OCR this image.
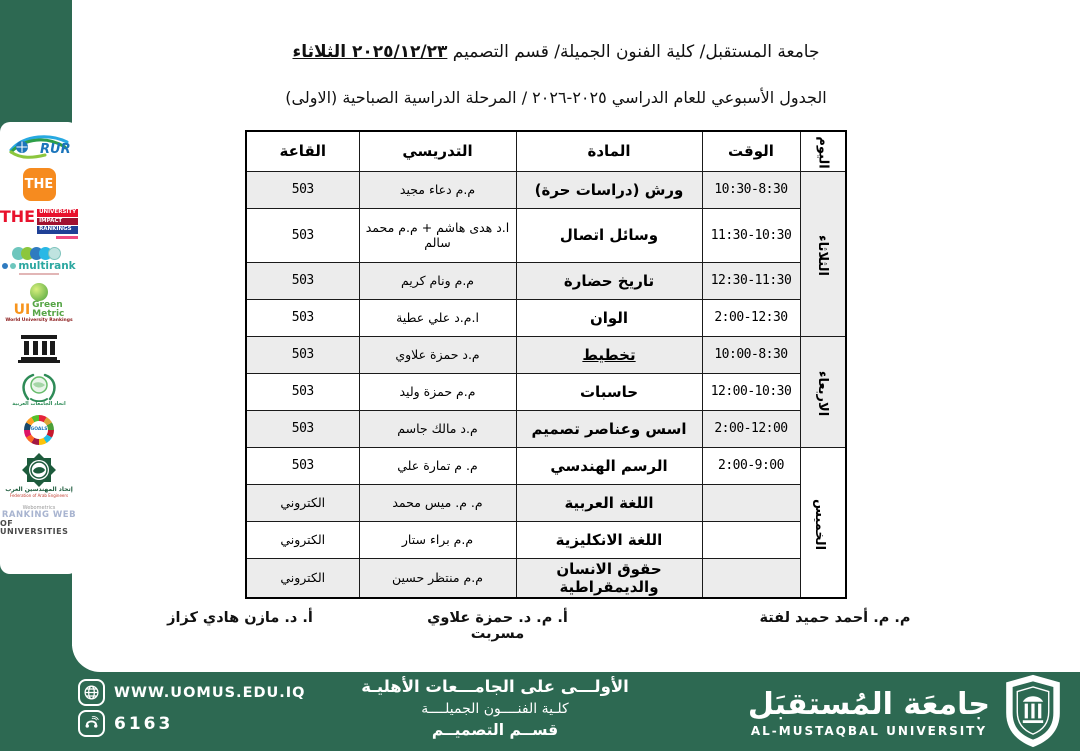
جامعة المستقبل/ كلية الفنون الجميلة/ قسم التصميم ٢٠٢٥/١٢/٢٣ الثلاثاء
الجدول الأسبوعي للعام الدراسي ٢٠٢٥-٢٠٢٦ / المرحلة الدراسية الصباحية (الاولى)
اليوم	الوقت	المادة	التدريسي	القاعة
الثلاثاء	10:30-8:30	ورش (دراسات حرة)	م.م دعاء مجيد	503
	11:30-10:30	وسائل اتصال	ا.د هدى هاشم + م.م محمد سالم	503
	12:30-11:30	تاريخ حضارة	م.م ونام كريم	503
	2:00-12:30	الوان	ا.م.د علي عطية	503
الاربعاء	10:00-8:30	تخطيط	م.د حمزة علاوي	503
	12:00-10:30	حاسبات	م.م حمزة وليد	503
	2:00-12:00	اسس وعناصر تصميم	م.د مالك جاسم	503
الخميس	2:00-9:00	الرسم الهندسي	م. م تمارة علي	503
		اللغة العربية	م. م. ميس محمد	الكتروني
		اللغة الانكليزية	م.م براء ستار	الكتروني
		حقوق الانسان والديمقراطية	م.م منتظر حسين	الكتروني
م. م. أحمد حميد لفتة
أ. م. د. حمزة علاوي مسربت
أ. د. مازن هادي كزاز
RUR
THE
THE UNIVERSITY
IMPACT
RANKINGS
multirank
UI Green
Metric
World University Rankings
اتحاد الجامعات العربية
GOALS
إتحاد المهندسين العرب
Federation of Arab Engineers
Webometrics
RANKING WEB
OF UNIVERSITIES
WWW.UOMUS.EDU.IQ
6163
الأولـــى على الجامـــعات الأهليـة
كلـية الفنــــون الجميلــــة
قســم التصميــم
جامعَة المُستقبَل
AL-MUSTAQBAL UNIVERSITY
